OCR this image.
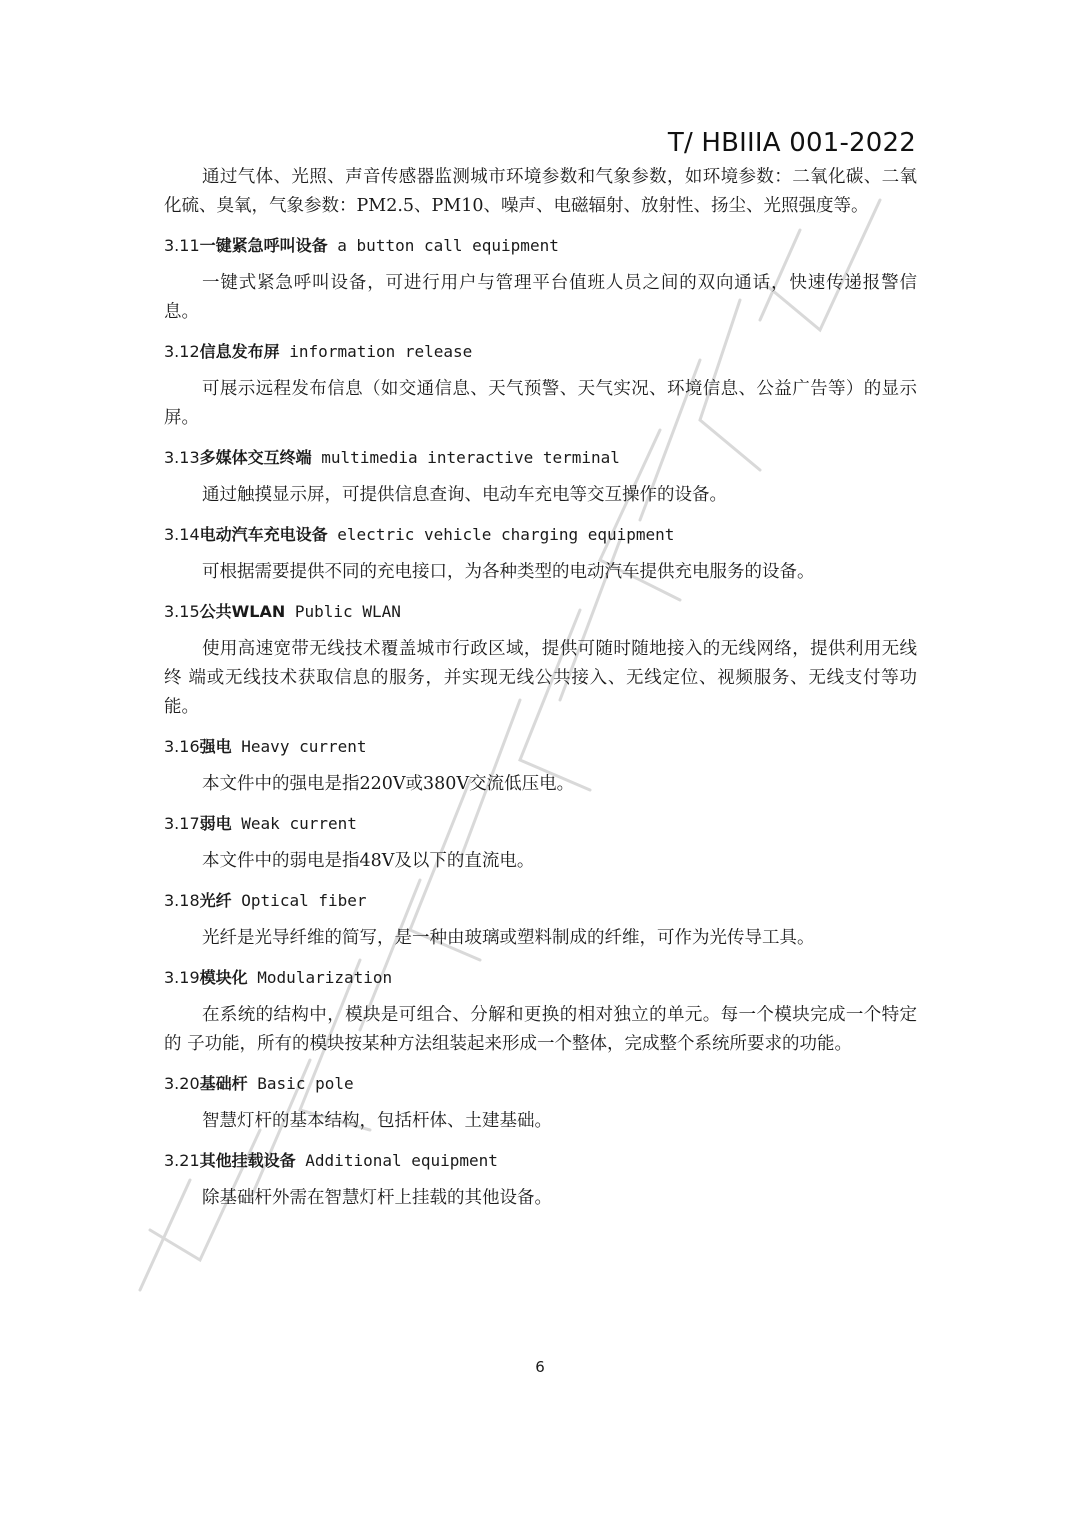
T/ HBIIIA 001-2022

通过气体、光照、声音传感器监测城市环境参数和气象参数，如环境参数：二氧化碳、二氧化硫、臭氧，气象参数：PM2.5、PM10、噪声、电磁辐射、放射性、扬尘、光照强度等。

3.11一键紧急呼叫设备 a button call equipment

一键式紧急呼叫设备，可进行用户与管理平台值班人员之间的双向通话，快速传递报警信息。

3.12信息发布屏 information release

可展示远程发布信息（如交通信息、天气预警、天气实况、环境信息、公益广告等）的显示屏。

3.13多媒体交互终端 multimedia interactive terminal

通过触摸显示屏，可提供信息查询、电动车充电等交互操作的设备。

3.14电动汽车充电设备 electric vehicle charging equipment

可根据需要提供不同的充电接口，为各种类型的电动汽车提供充电服务的设备。

3.15公共WLAN Public WLAN

使用高速宽带无线技术覆盖城市行政区域，提供可随时随地接入的无线网络，提供利用无线终 端或无线技术获取信息的服务，并实现无线公共接入、无线定位、视频服务、无线支付等功能。

3.16强电 Heavy current

本文件中的强电是指220V或380V交流低压电。

3.17弱电 Weak current

本文件中的弱电是指48V及以下的直流电。

3.18光纤 Optical fiber

光纤是光导纤维的简写，是一种由玻璃或塑料制成的纤维，可作为光传导工具。

3.19模块化 Modularization

在系统的结构中，模块是可组合、分解和更换的相对独立的单元。每一个模块完成一个特定的 子功能，所有的模块按某种方法组装起来形成一个整体，完成整个系统所要求的功能。

3.20基础杆 Basic pole

智慧灯杆的基本结构，包括杆体、土建基础。

3.21其他挂载设备 Additional equipment

除基础杆外需在智慧灯杆上挂载的其他设备。

6
